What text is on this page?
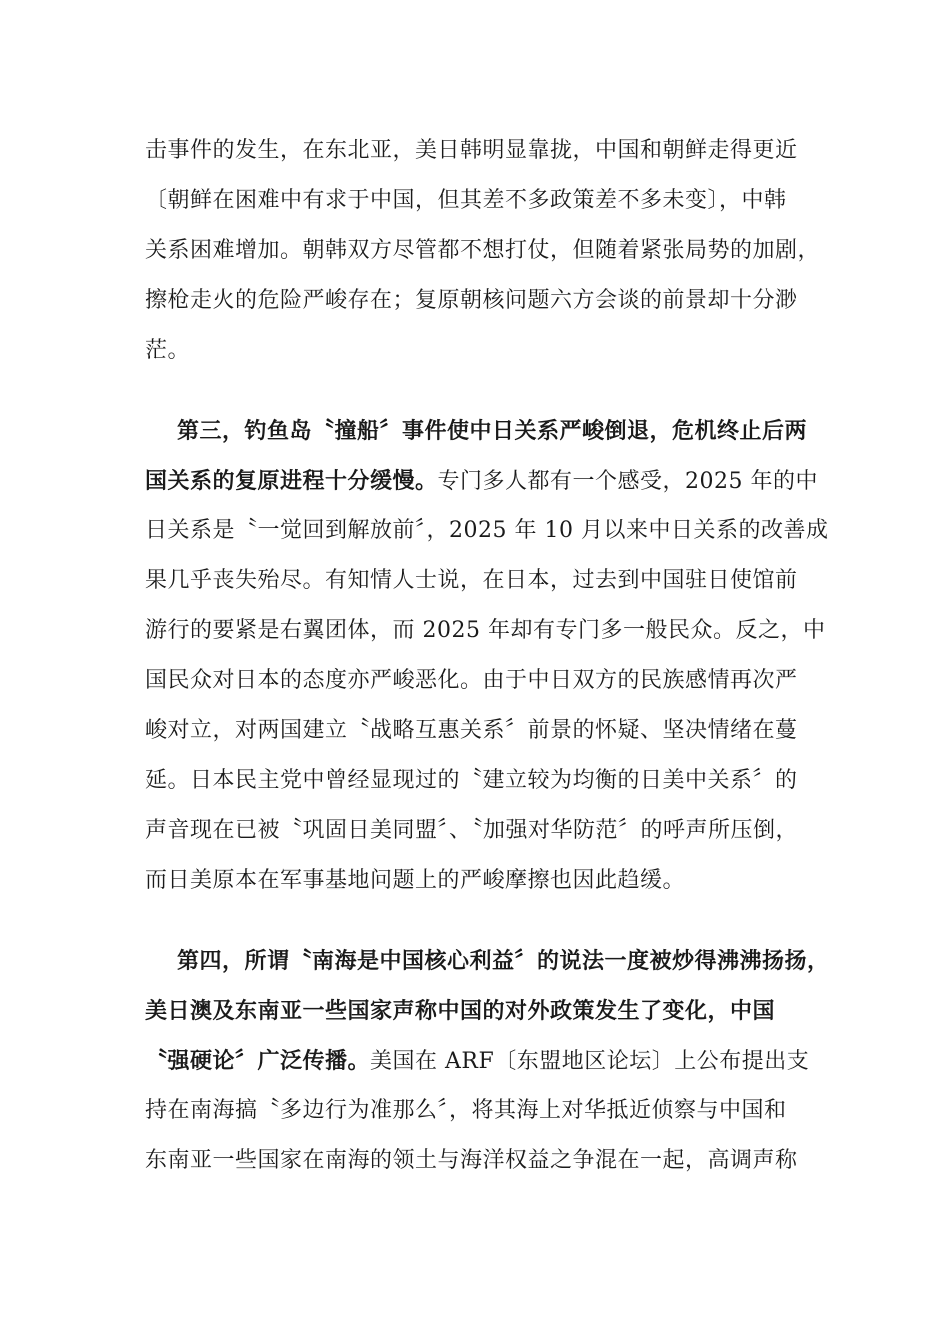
击事件的发生，在东北亚，美日韩明显靠拢，中国和朝鲜走得更近
〔朝鲜在困难中有求于中国，但其差不多政策差不多未变〕，中韩
关系困难增加。朝韩双方尽管都不想打仗，但随着紧张局势的加剧，
擦枪走火的危险严峻存在；复原朝核问题六方会谈的前景却十分渺
茫。
第三，钓鱼岛〝撞船〞事件使中日关系严峻倒退，危机终止后两
国关系的复原进程十分缓慢。专门多人都有一个感受，2025 年的中
日关系是〝一觉回到解放前〞，2025 年 10 月以来中日关系的改善成
果几乎丧失殆尽。有知情人士说，在日本，过去到中国驻日使馆前
游行的要紧是右翼团体，而 2025 年却有专门多一般民众。反之，中
国民众对日本的态度亦严峻恶化。由于中日双方的民族感情再次严
峻对立，对两国建立〝战略互惠关系〞前景的怀疑、坚决情绪在蔓
延。日本民主党中曾经显现过的〝建立较为均衡的日美中关系〞的
声音现在已被〝巩固日美同盟〞、〝加强对华防范〞的呼声所压倒，
而日美原本在军事基地问题上的严峻摩擦也因此趋缓。
第四，所谓〝南海是中国核心利益〞的说法一度被炒得沸沸扬扬，
美日澳及东南亚一些国家声称中国的对外政策发生了变化，中国
〝强硬论〞广泛传播。美国在 ARF〔东盟地区论坛〕上公布提出支
持在南海搞〝多边行为准那么〞，将其海上对华抵近侦察与中国和
东南亚一些国家在南海的领土与海洋权益之争混在一起，高调声称
